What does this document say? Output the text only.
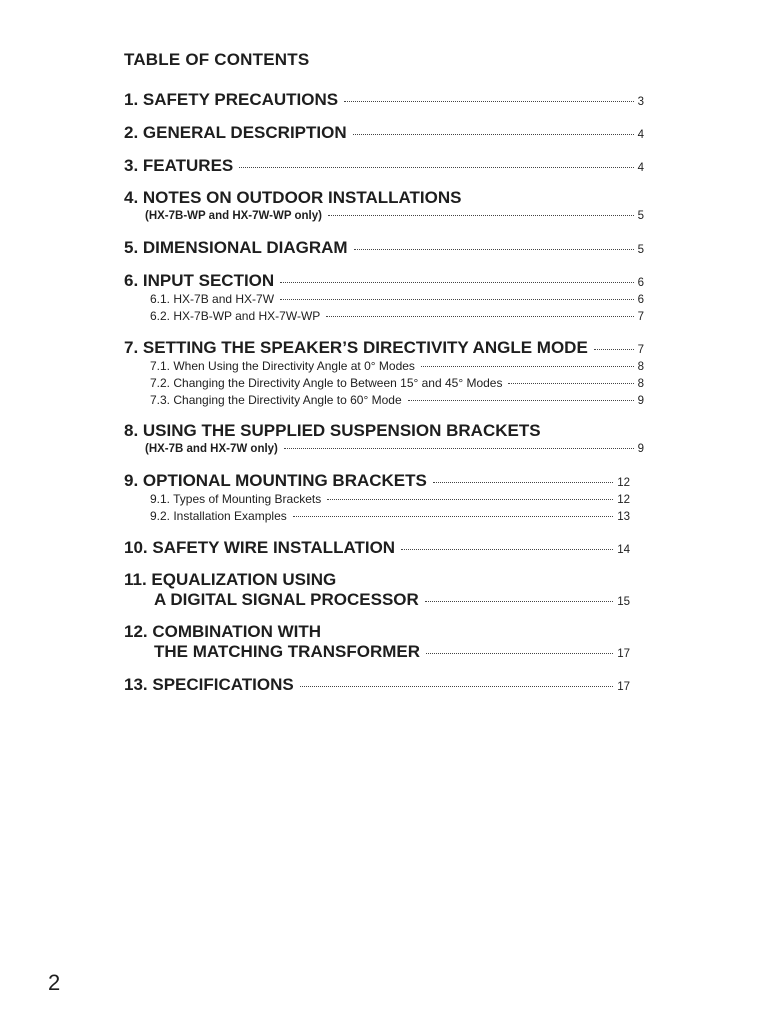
TABLE OF CONTENTS
1. SAFETY PRECAUTIONS	3
2. GENERAL DESCRIPTION	4
3. FEATURES	4
4. NOTES ON OUTDOOR INSTALLATIONS
(HX-7B-WP and HX-7W-WP only)	5
5. DIMENSIONAL DIAGRAM	5
6. INPUT SECTION	6
6.1. HX-7B and HX-7W	6
6.2. HX-7B-WP and HX-7W-WP	7
7. SETTING THE SPEAKER’S DIRECTIVITY ANGLE MODE	7
7.1. When Using the Directivity Angle at 0° Modes	8
7.2. Changing the Directivity Angle to Between 15° and 45° Modes	8
7.3. Changing the Directivity Angle to 60° Mode	9
8. USING THE SUPPLIED SUSPENSION BRACKETS
(HX-7B and HX-7W only)	9
9. OPTIONAL MOUNTING BRACKETS	12
9.1. Types of Mounting Brackets	12
9.2. Installation Examples	13
10. SAFETY WIRE INSTALLATION	14
11. EQUALIZATION USING
A DIGITAL SIGNAL PROCESSOR	15
12. COMBINATION WITH
THE MATCHING TRANSFORMER	17
13. SPECIFICATIONS	17
2
